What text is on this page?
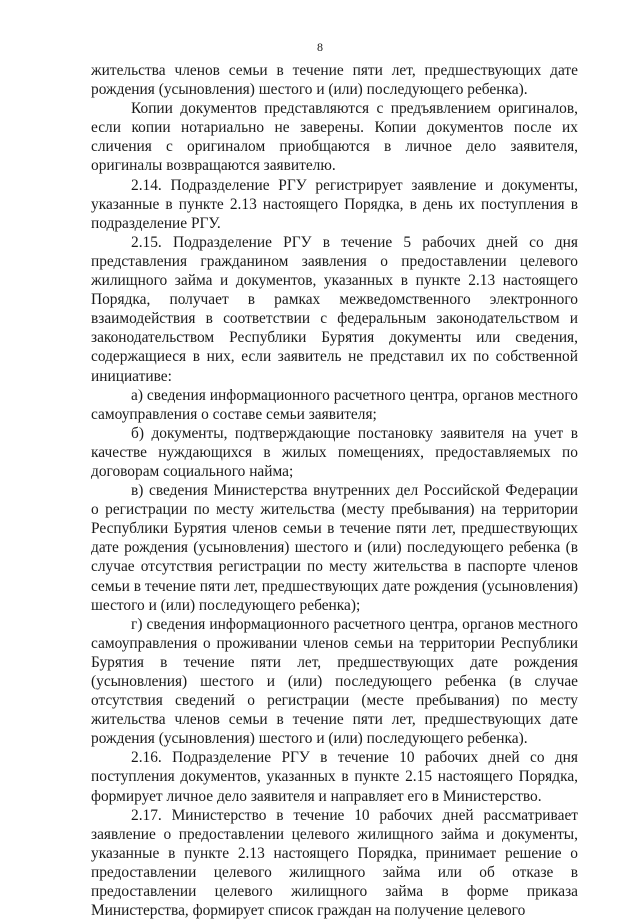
8

жительства членов семьи в течение пяти лет, предшествующих дате рождения (усыновления) шестого и (или) последующего ребенка).

Копии документов представляются с предъявлением оригиналов, если копии нотариально не заверены. Копии документов после их сличения с оригиналом приобщаются в личное дело заявителя, оригиналы возвращаются заявителю.

2.14. Подразделение РГУ регистрирует заявление и документы, указанные в пункте 2.13 настоящего Порядка, в день их поступления в подразделение РГУ.

2.15. Подразделение РГУ в течение 5 рабочих дней со дня представления гражданином заявления о предоставлении целевого жилищного займа и документов, указанных в пункте 2.13 настоящего Порядка, получает в рамках межведомственного электронного взаимодействия в соответствии с федеральным законодательством и законодательством Республики Бурятия документы или сведения, содержащиеся в них, если заявитель не представил их по собственной инициативе:

а) сведения информационного расчетного центра, органов местного самоуправления о составе семьи заявителя;

б) документы, подтверждающие постановку заявителя на учет в качестве нуждающихся в жилых помещениях, предоставляемых по договорам социального найма;

в) сведения Министерства внутренних дел Российской Федерации о регистрации по месту жительства (месту пребывания) на территории Республики Бурятия членов семьи в течение пяти лет, предшествующих дате рождения (усыновления) шестого и (или) последующего ребенка (в случае отсутствия регистрации по месту жительства в паспорте членов семьи в течение пяти лет, предшествующих дате рождения (усыновления) шестого и (или) последующего ребенка);

г) сведения информационного расчетного центра, органов местного самоуправления о проживании членов семьи на территории Республики Бурятия в течение пяти лет, предшествующих дате рождения (усыновления) шестого и (или) последующего ребенка (в случае отсутствия сведений о регистрации (месте пребывания) по месту жительства членов семьи в течение пяти лет, предшествующих дате рождения (усыновления) шестого и (или) последующего ребенка).

2.16. Подразделение РГУ в течение 10 рабочих дней со дня поступления документов, указанных в пункте 2.15 настоящего Порядка, формирует личное дело заявителя и направляет его в Министерство.

2.17. Министерство в течение 10 рабочих дней рассматривает заявление о предоставлении целевого жилищного займа и документы, указанные в пункте 2.13 настоящего Порядка, принимает решение о предоставлении целевого жилищного займа или об отказе в предоставлении целевого жилищного займа в форме приказа Министерства, формирует список граждан на получение целевого
